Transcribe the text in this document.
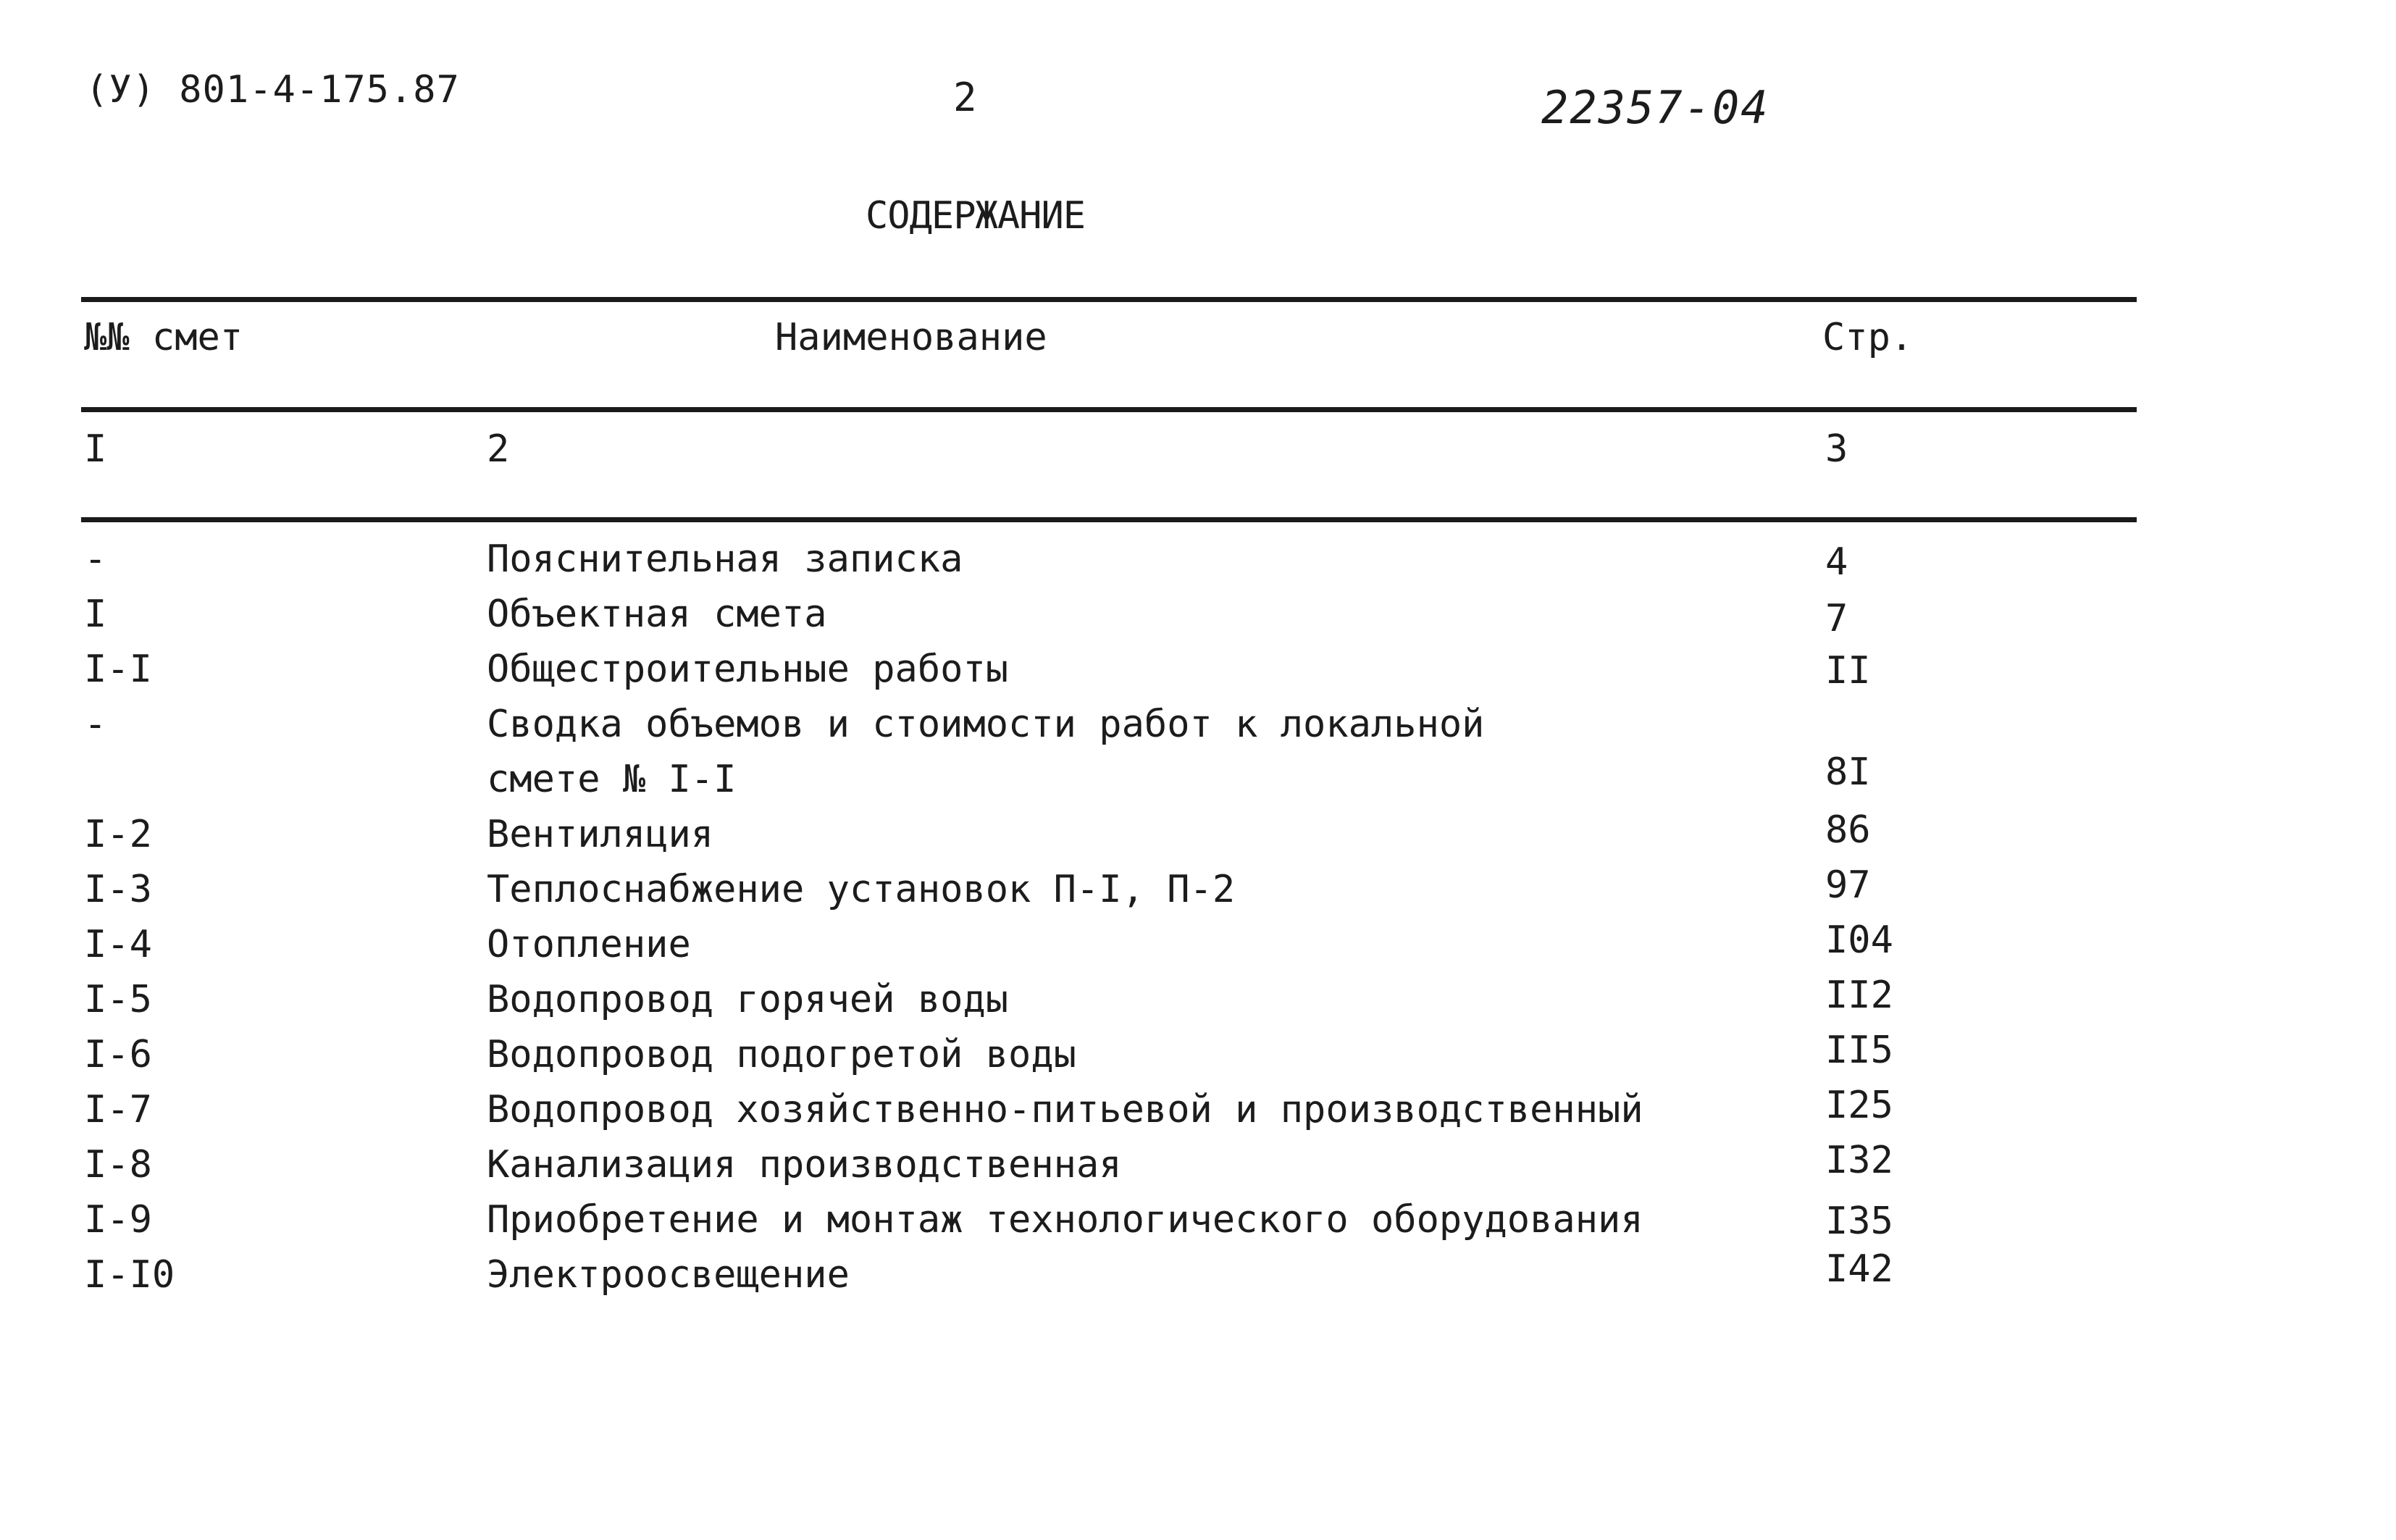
(У) 801-4-175.87	2	22357-04
СОДЕРЖАНИЕ
№№ смет	Наименование	Стр.
I	2	3
-	Пояснительная записка	4
I	Объектная смета	7
I-I	Общестроительные работы	II
-	Сводка объемов и стоимости работ к локальной
смете № I-I	8I
I-2	Вентиляция	86
I-3	Теплоснабжение установок П-I, П-2	97
I-4	Отопление	I04
I-5	Водопровод горячей воды	II2
I-6	Водопровод подогретой воды	II5
I-7	Водопровод хозяйственно-питьевой и производственный	I25
I-8	Канализация производственная	I32
I-9	Приобретение и монтаж технологического оборудования	I35
I-I0	Электроосвещение	I42
